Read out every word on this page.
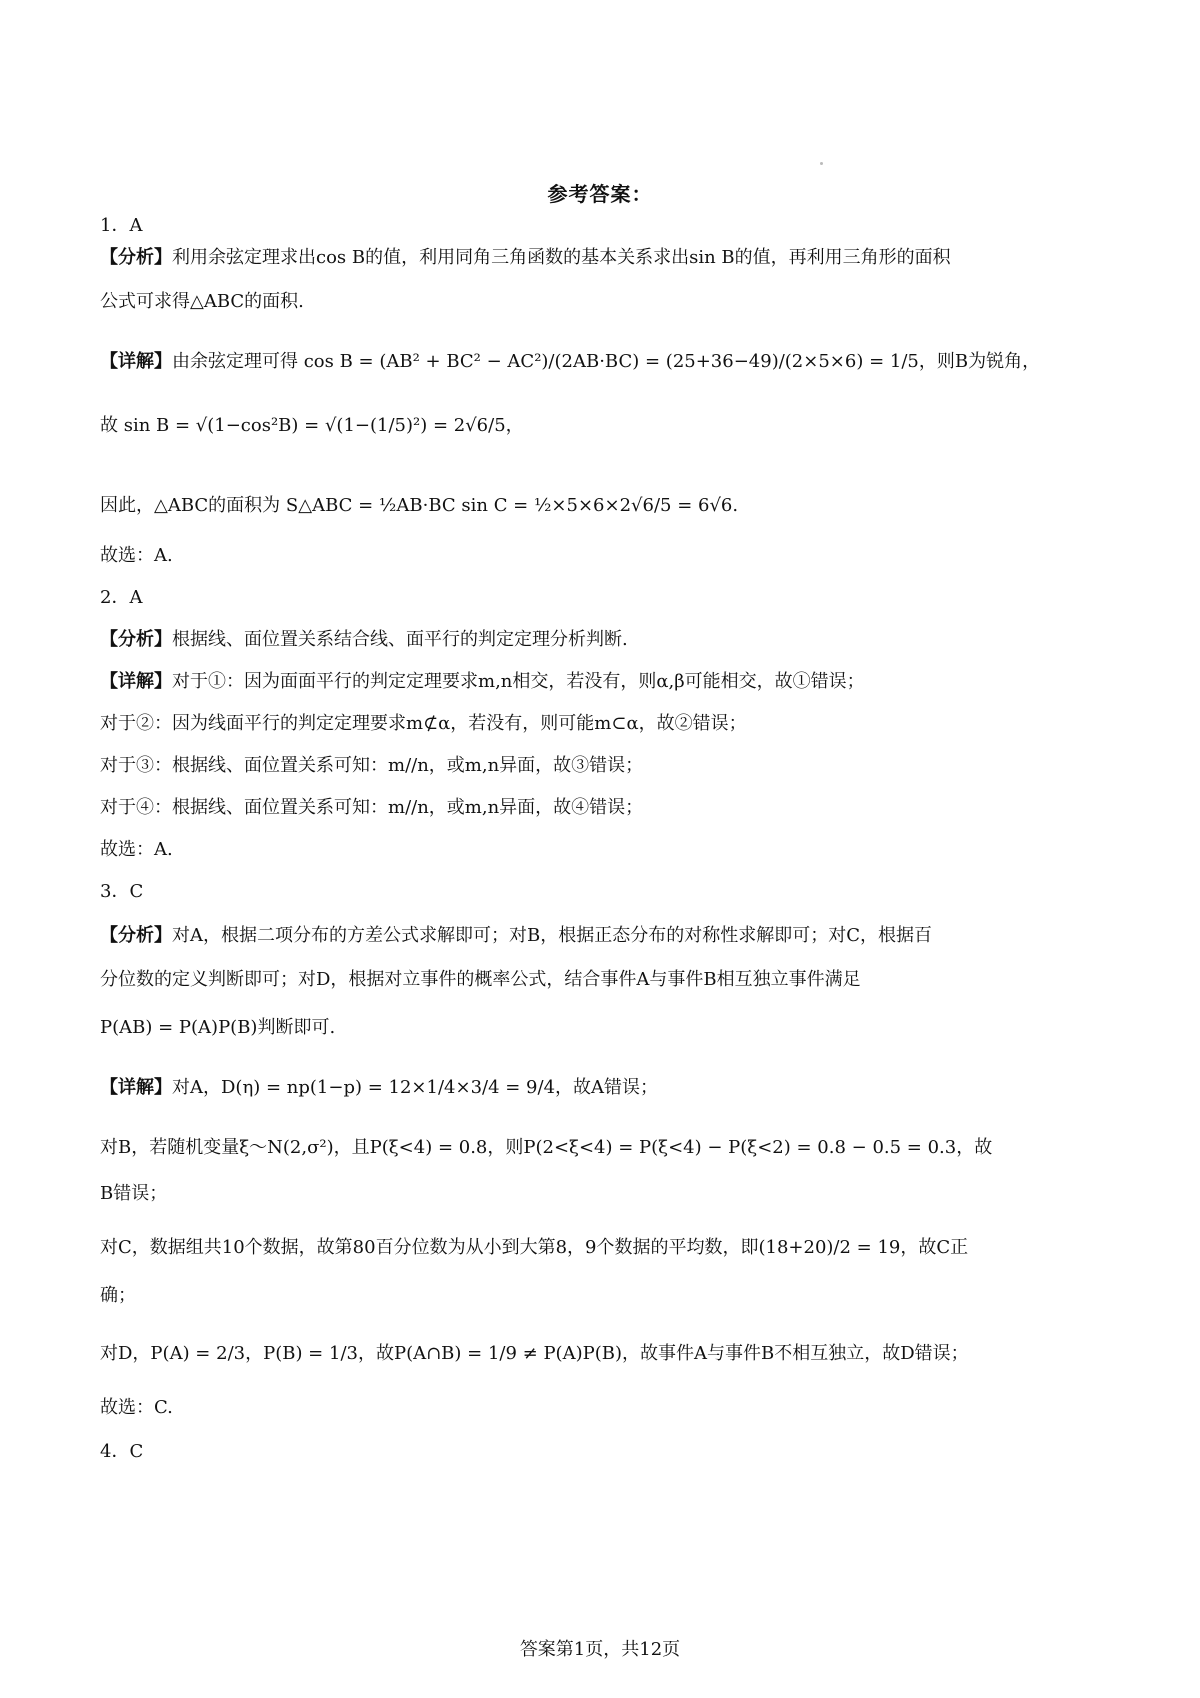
参考答案：
1．A
【分析】利用余弦定理求出cos B的值，利用同角三角函数的基本关系求出sin B的值，再利用三角形的面积
公式可求得△ABC的面积.
【详解】由余弦定理可得 cos B = (AB² + BC² − AC²)/(2AB·BC) = (25+36−49)/(2×5×6) = 1/5，则B为锐角，
故 sin B = √(1−cos²B) = √(1−(1/5)²) = 2√6/5，
因此，△ABC的面积为 S△ABC = ½AB·BC sin C = ½×5×6×2√6/5 = 6√6.
故选：A.
2．A
【分析】根据线、面位置关系结合线、面平行的判定定理分析判断.
【详解】对于①：因为面面平行的判定定理要求m,n相交，若没有，则α,β可能相交，故①错误；
对于②：因为线面平行的判定定理要求m⊄α，若没有，则可能m⊂α，故②错误；
对于③：根据线、面位置关系可知：m//n，或m,n异面，故③错误；
对于④：根据线、面位置关系可知：m//n，或m,n异面，故④错误；
故选：A.
3．C
【分析】对A，根据二项分布的方差公式求解即可；对B，根据正态分布的对称性求解即可；对C，根据百
分位数的定义判断即可；对D，根据对立事件的概率公式，结合事件A与事件B相互独立事件满足
P(AB) = P(A)P(B)判断即可.
【详解】对A，D(η) = np(1−p) = 12×1/4×3/4 = 9/4，故A错误；
对B，若随机变量ξ～N(2,σ²)，且P(ξ<4) = 0.8，则P(2<ξ<4) = P(ξ<4) − P(ξ<2) = 0.8 − 0.5 = 0.3，故
B错误；
对C，数据组共10个数据，故第80百分位数为从小到大第8，9个数据的平均数，即(18+20)/2 = 19，故C正
确；
对D，P(A) = 2/3，P(B) = 1/3，故P(A∩B) = 1/9 ≠ P(A)P(B)，故事件A与事件B不相互独立，故D错误；
故选：C.
4．C
答案第1页，共12页
